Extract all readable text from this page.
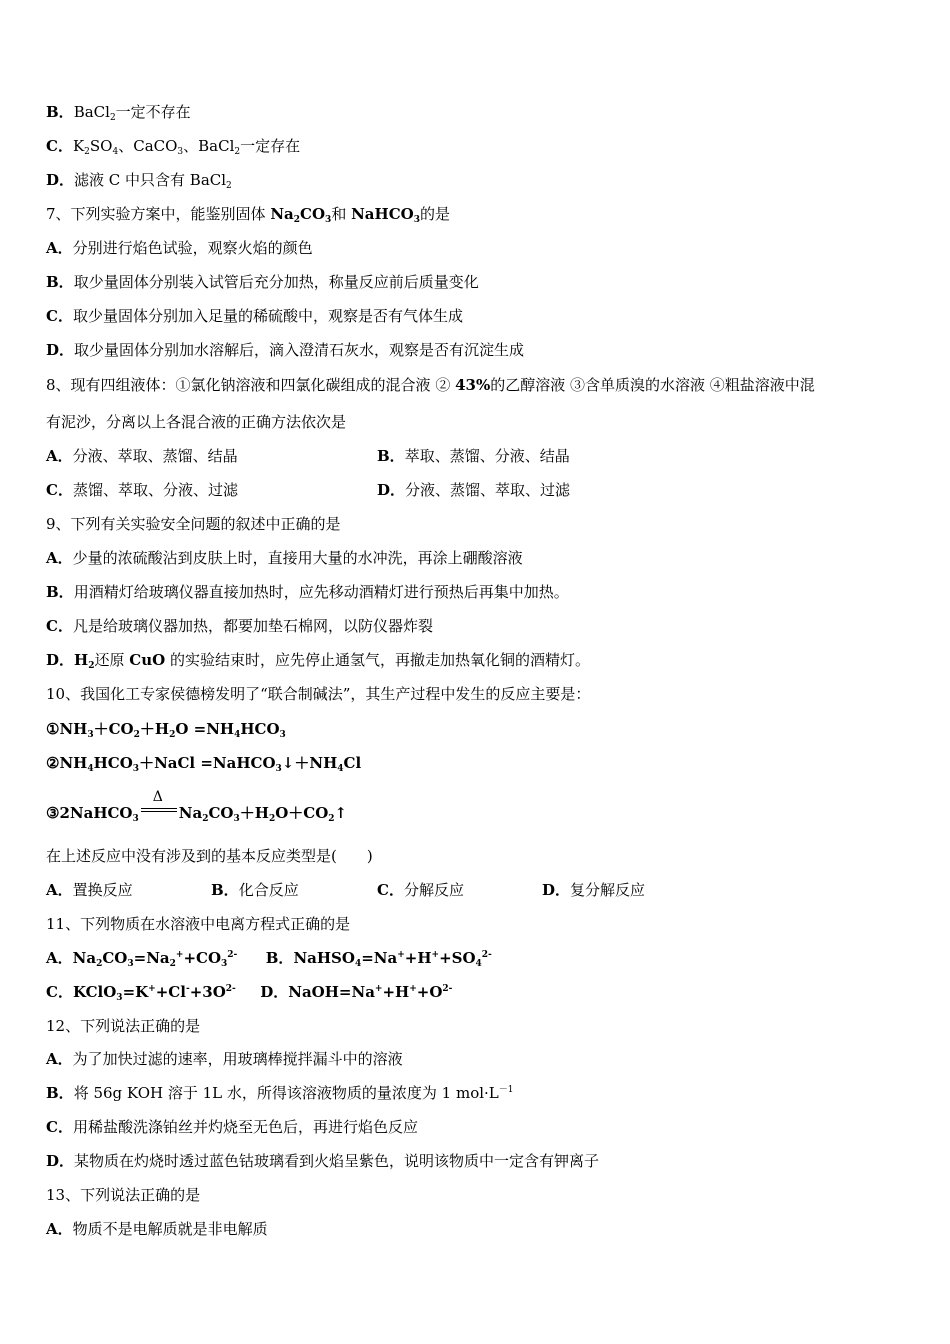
B．BaCl$_2$一定不存在
C．$K_2SO_4$、CaCO$_3$、BaCl$_2$一定存在
D．滤液 C 中只含有 BaCl$_2$
7、下列实验方案中，能鉴别固体 $Na_2CO_3$和 NaHCO$_3$的是
A．分别进行焰色试验，观察火焰的颜色
B．取少量固体分别装入试管后充分加热，称量反应前后质量变化
C．取少量固体分别加入足量的稀硫酸中，观察是否有气体生成
D．取少量固体分别加水溶解后，滴入澄清石灰水，观察是否有沉淀生成
8、现有四组液体：①氯化钠溶液和四氯化碳组成的混合液 ② 43%的乙醇溶液 ③含单质溴的水溶液 ④粗盐溶液中混
有泥沙，分离以上各混合液的正确方法依次是
A．分液、萃取、蒸馏、结晶	B．萃取、蒸馏、分液、结晶
C．蒸馏、萃取、分液、过滤	D．分液、蒸馏、萃取、过滤
9、下列有关实验安全问题的叙述中正确的是
A．少量的浓硫酸沾到皮肤上时，直接用大量的水冲洗，再涂上硼酸溶液
B．用酒精灯给玻璃仪器直接加热时，应先移动酒精灯进行预热后再集中加热。
C．凡是给玻璃仪器加热，都要加垫石棉网，以防仪器炸裂
D．$H_2$还原 CuO 的实验结束时，应先停止通氢气，再撤走加热氧化铜的酒精灯。
10、我国化工专家侯德榜发明了“联合制碱法”，其生产过程中发生的反应主要是：
$①NH_3+CO_2+H_2O =NH_4HCO_3$
$②NH_4HCO_3+NaCl$ $=NaHCO_3↓+NH_4Cl$
③2NaHCO$_3$
Δ
$Na_2CO_3+H_2O+CO_2↑$
在上述反应中没有涉及到的基本反应类型是(　　)
A．置换反应	B．化合反应	C．分解反应	D．复分解反应
11、下列物质在水溶液中电离方程式正确的是
A．$Na_2CO_3=Na_2^++CO_3^{2-}$ B．$NaHSO_4=Na^++H^++SO_4^{2-}$
C．$KClO_3=K^++Cl^-+3O^{2-}$ D．$NaOH=Na^++H^++O^{2-}$
12、下列说法正确的是
A．为了加快过滤的速率，用玻璃棒搅拌漏斗中的溶液
B．将 56g KOH 溶于 1L 水，所得该溶液物质的量浓度为 1 $mol\cdot L^{-1}$
C．用稀盐酸洗涤铂丝并灼烧至无色后，再进行焰色反应
D．某物质在灼烧时透过蓝色钴玻璃看到火焰呈紫色，说明该物质中一定含有钾离子
13、下列说法正确的是
A．物质不是电解质就是非电解质
